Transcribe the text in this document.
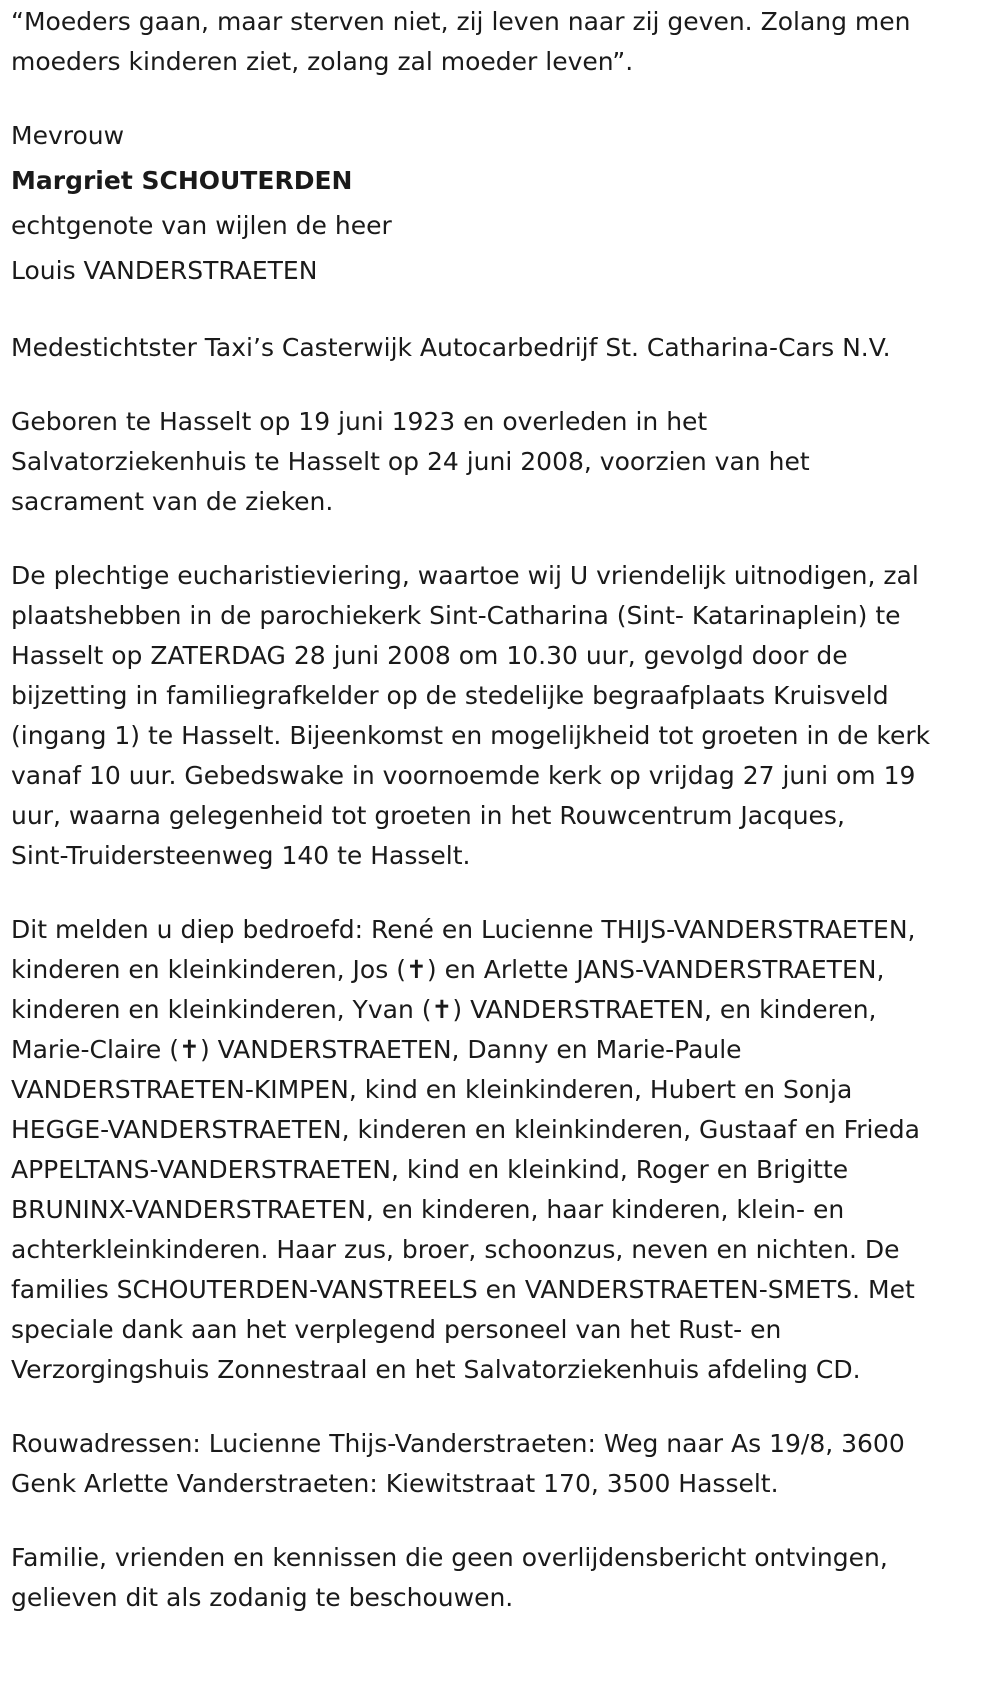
“Moeders gaan, maar sterven niet, zij leven naar zij geven. Zolang men
moeders kinderen ziet, zolang zal moeder leven”.

Mevrouw

Margriet SCHOUTERDEN

echtgenote van wijlen de heer
Louis VANDERSTRAETEN

Medestichtster Taxi’s Casterwijk Autocarbedrijf St. Catharina-Cars N.V.

Geboren te Hasselt op 19 juni 1923 en overleden in het
Salvatorziekenhuis te Hasselt op 24 juni 2008, voorzien van het
sacrament van de zieken.

De plechtige eucharistieviering, waartoe wij U vriendelijk uitnodigen, zal
plaatshebben in de parochiekerk Sint-Catharina (Sint- Katarinaplein) te
Hasselt op ZATERDAG 28 juni 2008 om 10.30 uur, gevolgd door de
bijzetting in familiegrafkelder op de stedelijke begraafplaats Kruisveld
(ingang 1) te Hasselt. Bijeenkomst en mogelijkheid tot groeten in de kerk
vanaf 10 uur. Gebedswake in voornoemde kerk op vrijdag 27 juni om 19
uur, waarna gelegenheid tot groeten in het Rouwcentrum Jacques,
Sint-Truidersteenweg 140 te Hasselt.

Dit melden u diep bedroefd: René en Lucienne THIJS-VANDERSTRAETEN,
kinderen en kleinkinderen, Jos (✝) en Arlette JANS-VANDERSTRAETEN,
kinderen en kleinkinderen, Yvan (✝) VANDERSTRAETEN, en kinderen,
Marie-Claire (✝) VANDERSTRAETEN, Danny en Marie-Paule
VANDERSTRAETEN-KIMPEN, kind en kleinkinderen, Hubert en Sonja
HEGGE-VANDERSTRAETEN, kinderen en kleinkinderen, Gustaaf en Frieda
APPELTANS-VANDERSTRAETEN, kind en kleinkind, Roger en Brigitte
BRUNINX-VANDERSTRAETEN, en kinderen, haar kinderen, klein- en
achterkleinkinderen. Haar zus, broer, schoonzus, neven en nichten. De
families SCHOUTERDEN-VANSTREELS en VANDERSTRAETEN-SMETS. Met
speciale dank aan het verplegend personeel van het Rust- en
Verzorgingshuis Zonnestraal en het Salvatorziekenhuis afdeling CD.

Rouwadressen: Lucienne Thijs-Vanderstraeten: Weg naar As 19/8, 3600
Genk Arlette Vanderstraeten: Kiewitstraat 170, 3500 Hasselt.

Familie, vrienden en kennissen die geen overlijdensbericht ontvingen,
gelieven dit als zodanig te beschouwen.
